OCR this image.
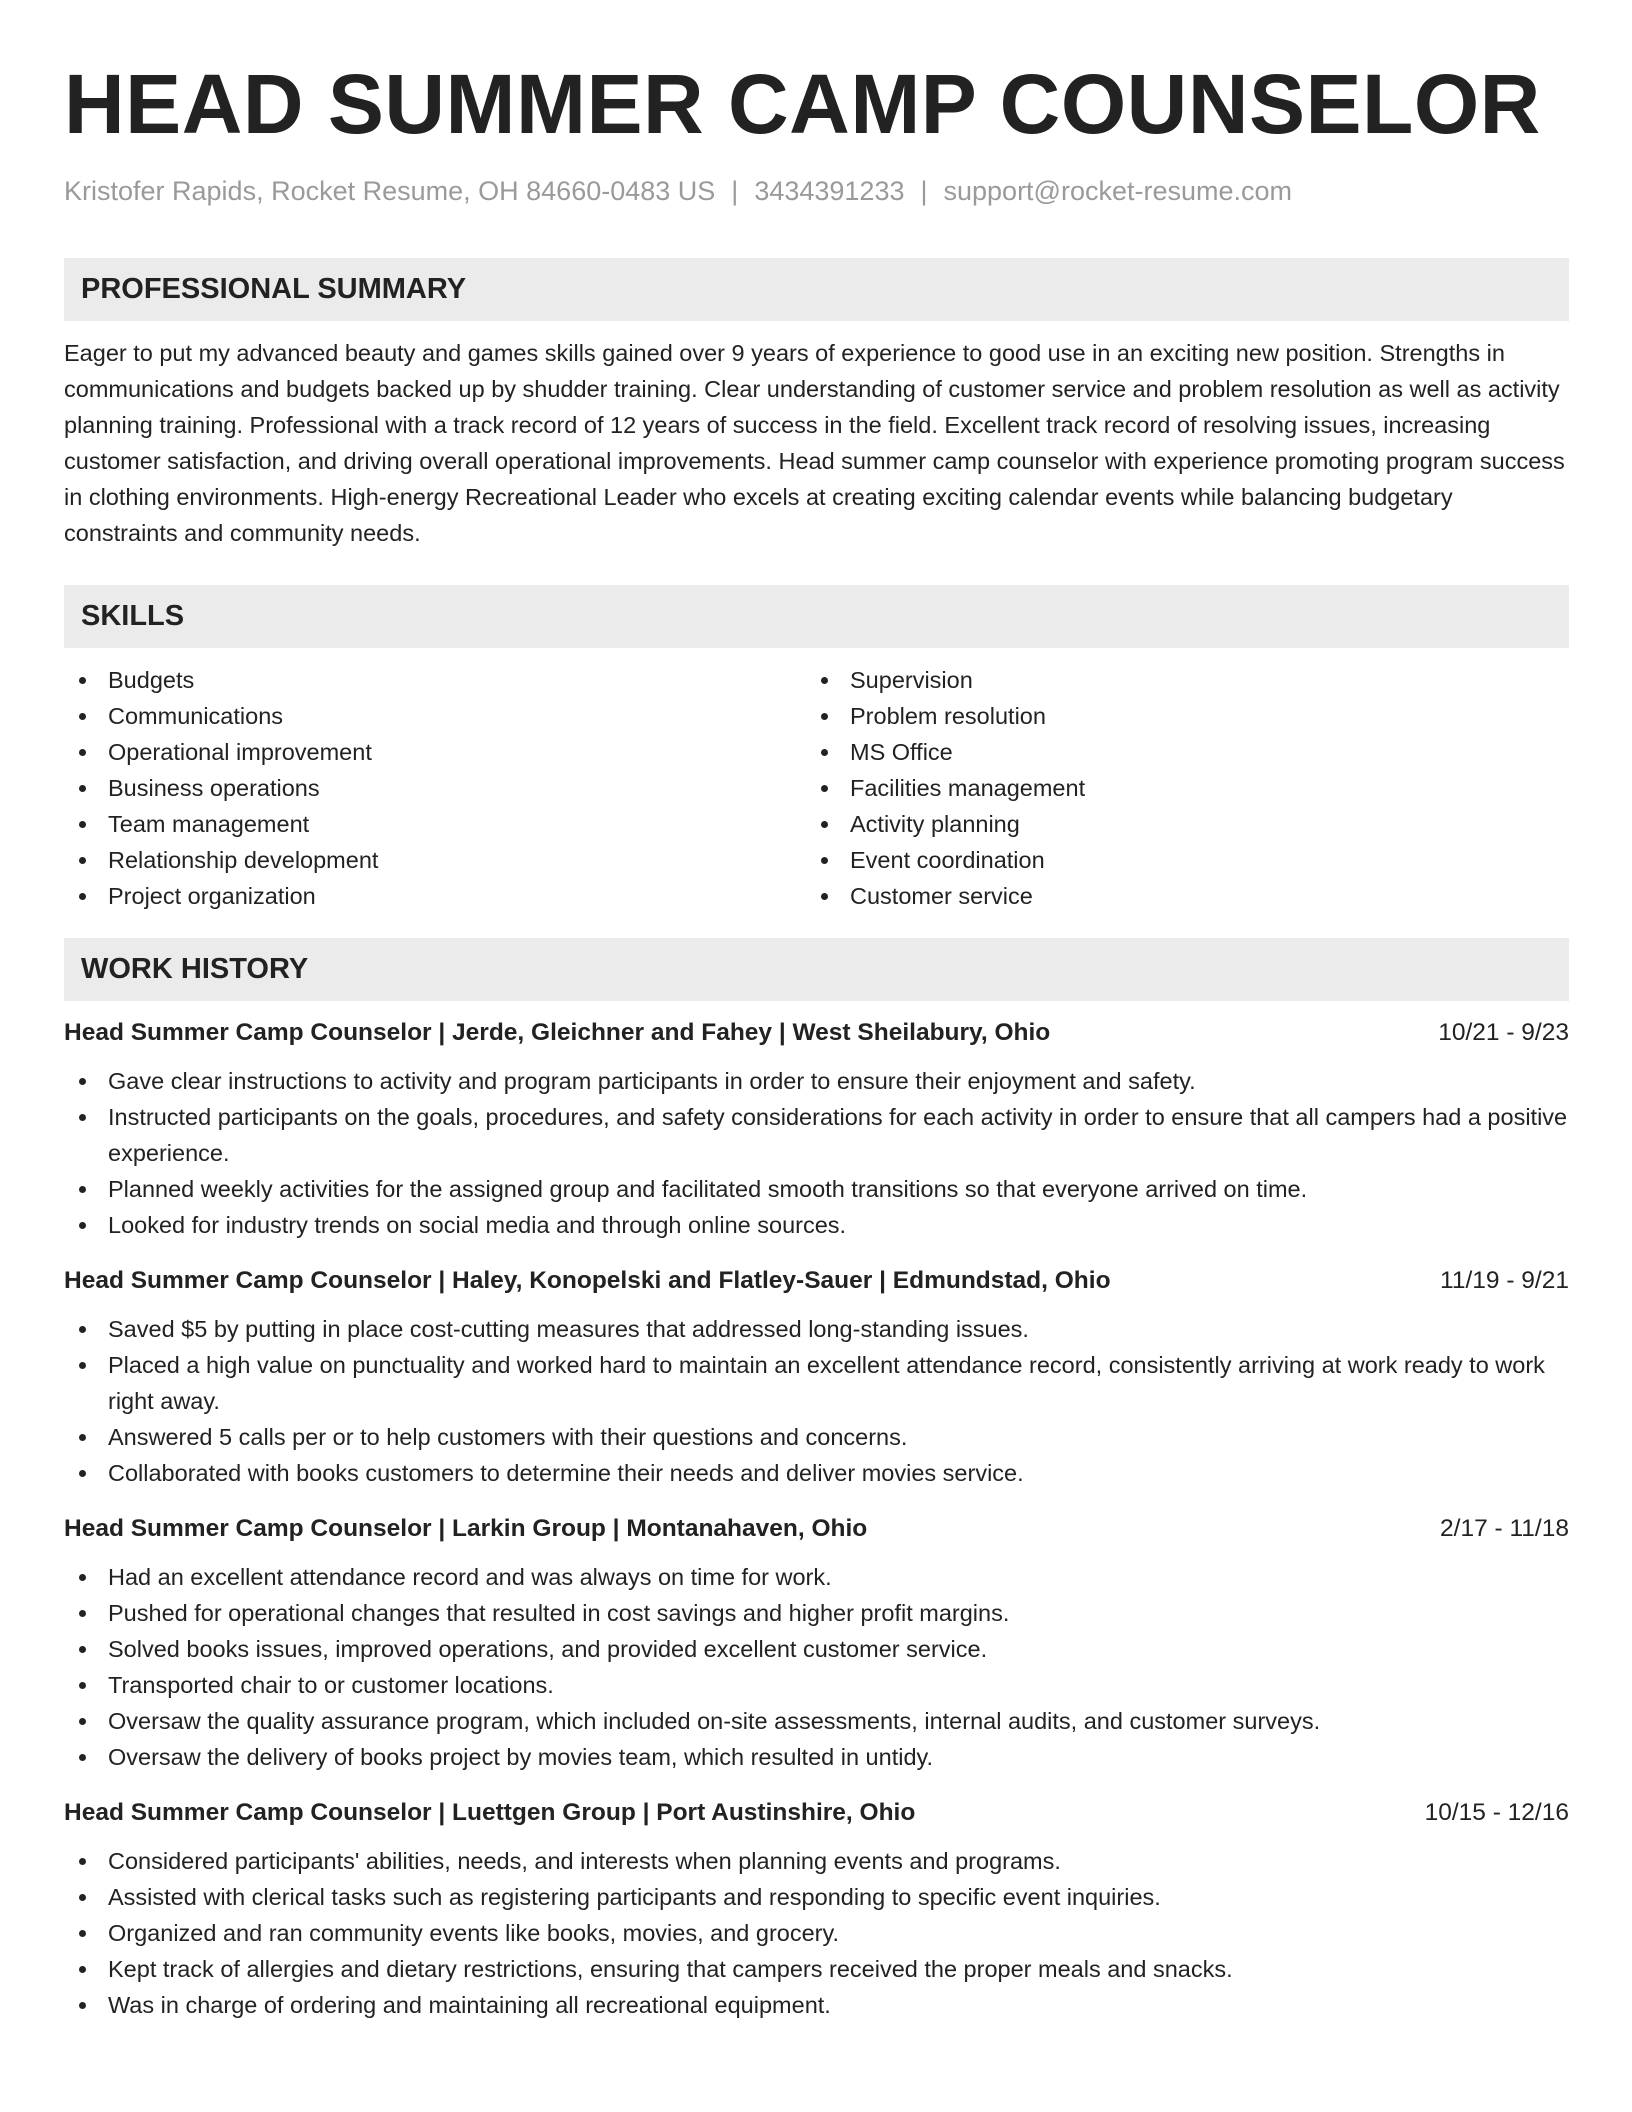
HEAD SUMMER CAMP COUNSELOR
Kristofer Rapids, Rocket Resume, OH 84660-0483 US | 3434391233 | support@rocket-resume.com
PROFESSIONAL SUMMARY
Eager to put my advanced beauty and games skills gained over 9 years of experience to good use in an exciting new position. Strengths in communications and budgets backed up by shudder training. Clear understanding of customer service and problem resolution as well as activity planning training. Professional with a track record of 12 years of success in the field. Excellent track record of resolving issues, increasing customer satisfaction, and driving overall operational improvements. Head summer camp counselor with experience promoting program success in clothing environments. High-energy Recreational Leader who excels at creating exciting calendar events while balancing budgetary constraints and community needs.
SKILLS
Budgets
Communications
Operational improvement
Business operations
Team management
Relationship development
Project organization
Supervision
Problem resolution
MS Office
Facilities management
Activity planning
Event coordination
Customer service
WORK HISTORY
Head Summer Camp Counselor | Jerde, Gleichner and Fahey | West Sheilabury, Ohio	10/21 - 9/23
Gave clear instructions to activity and program participants in order to ensure their enjoyment and safety.
Instructed participants on the goals, procedures, and safety considerations for each activity in order to ensure that all campers had a positive experience.
Planned weekly activities for the assigned group and facilitated smooth transitions so that everyone arrived on time.
Looked for industry trends on social media and through online sources.
Head Summer Camp Counselor | Haley, Konopelski and Flatley-Sauer | Edmundstad, Ohio	11/19 - 9/21
Saved $5 by putting in place cost-cutting measures that addressed long-standing issues.
Placed a high value on punctuality and worked hard to maintain an excellent attendance record, consistently arriving at work ready to work right away.
Answered 5 calls per or to help customers with their questions and concerns.
Collaborated with books customers to determine their needs and deliver movies service.
Head Summer Camp Counselor | Larkin Group | Montanahaven, Ohio	2/17 - 11/18
Had an excellent attendance record and was always on time for work.
Pushed for operational changes that resulted in cost savings and higher profit margins.
Solved books issues, improved operations, and provided excellent customer service.
Transported chair to or customer locations.
Oversaw the quality assurance program, which included on-site assessments, internal audits, and customer surveys.
Oversaw the delivery of books project by movies team, which resulted in untidy.
Head Summer Camp Counselor | Luettgen Group | Port Austinshire, Ohio	10/15 - 12/16
Considered participants' abilities, needs, and interests when planning events and programs.
Assisted with clerical tasks such as registering participants and responding to specific event inquiries.
Organized and ran community events like books, movies, and grocery.
Kept track of allergies and dietary restrictions, ensuring that campers received the proper meals and snacks.
Was in charge of ordering and maintaining all recreational equipment.
